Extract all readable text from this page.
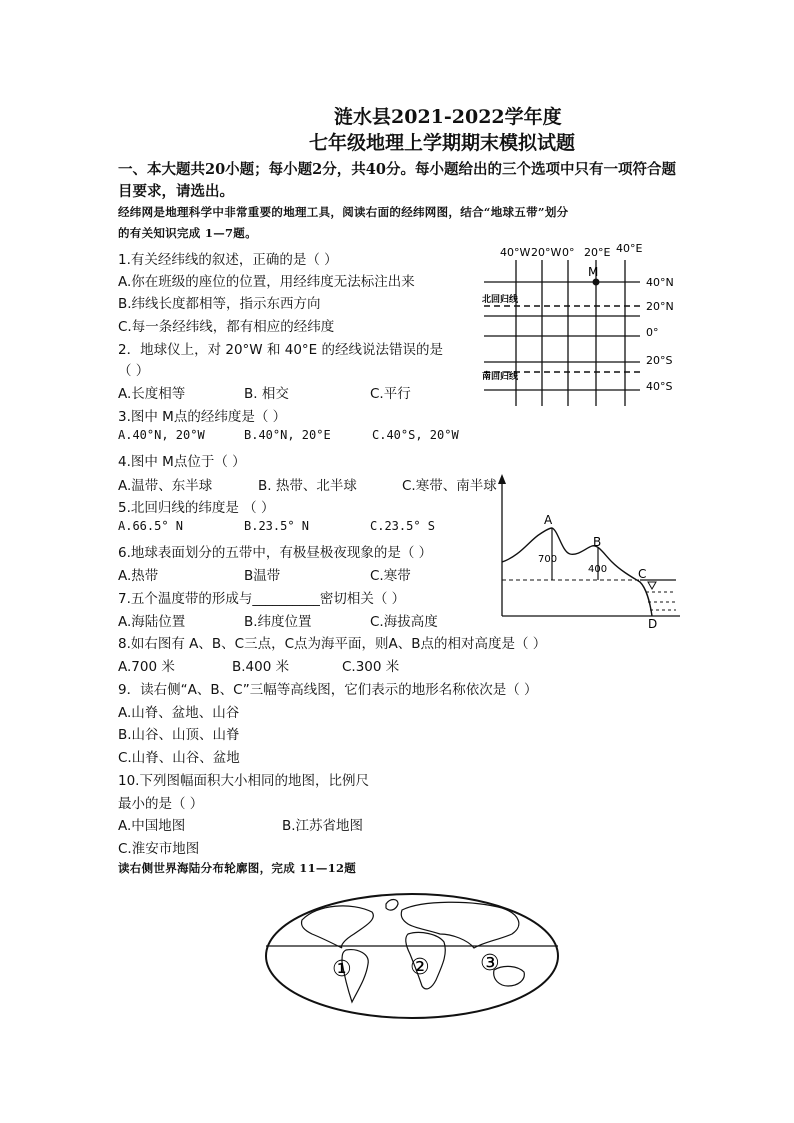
涟水县2021-2022学年度
七年级地理上学期期末模拟试题
一、本大题共20小题；每小题2分，共40分。每小题给出的三个选项中只有一项符合题
目要求，请选出。
经纬网是地理科学中非常重要的地理工具，阅读右面的经纬网图，结合“地球五带”划分
的有关知识完成 1—7题。
1.有关经纬线的叙述，正确的是（ ）
A.你在班级的座位的位置，用经纬度无法标注出来
B.纬线长度都相等，指示东西方向
C.每一条经纬线，都有相应的经纬度
2．地球仪上，对 20°W 和 40°E 的经线说法错误的是
（ ）
A.长度相等	B. 相交	C.平行
3.图中 M点的经纬度是（ ）
A.40°N, 20°W	B.40°N, 20°E	C.40°S, 20°W
4.图中 M点位于（ ）
A.温带、东半球	B. 热带、北半球	C.寒带、南半球
5.北回归线的纬度是 （ ）
A.66.5° N	B.23.5° N	C.23.5° S
6.地球表面划分的五带中，有极昼极夜现象的是（ ）
A.热带	B温带	C.寒带
7.五个温度带的形成与__________密切相关（ ）
A.海陆位置	B.纬度位置	C.海拔高度
8.如右图有 A、B、C三点，C点为海平面，则A、B点的相对高度是（ ）
A.700 米	B.400 米	C.300 米
9．读右侧“A、B、C”三幅等高线图，它们表示的地形名称依次是（ ）
A.山脊、盆地、山谷
B.山谷、山顶、山脊
C.山脊、山谷、盆地
10.下列图幅面积大小相同的地图，比例尺
最小的是（ ）
A.中国地图	B.江苏省地图
C.淮安市地图
读右侧世界海陆分布轮廓图，完成 11—12题
M
40°W 20°W 0° 20°E 40°E
40°N
20°N
0°
20°S
40°S
北回归线
南回归线
A
B
C
D
700
400
①	② ③
